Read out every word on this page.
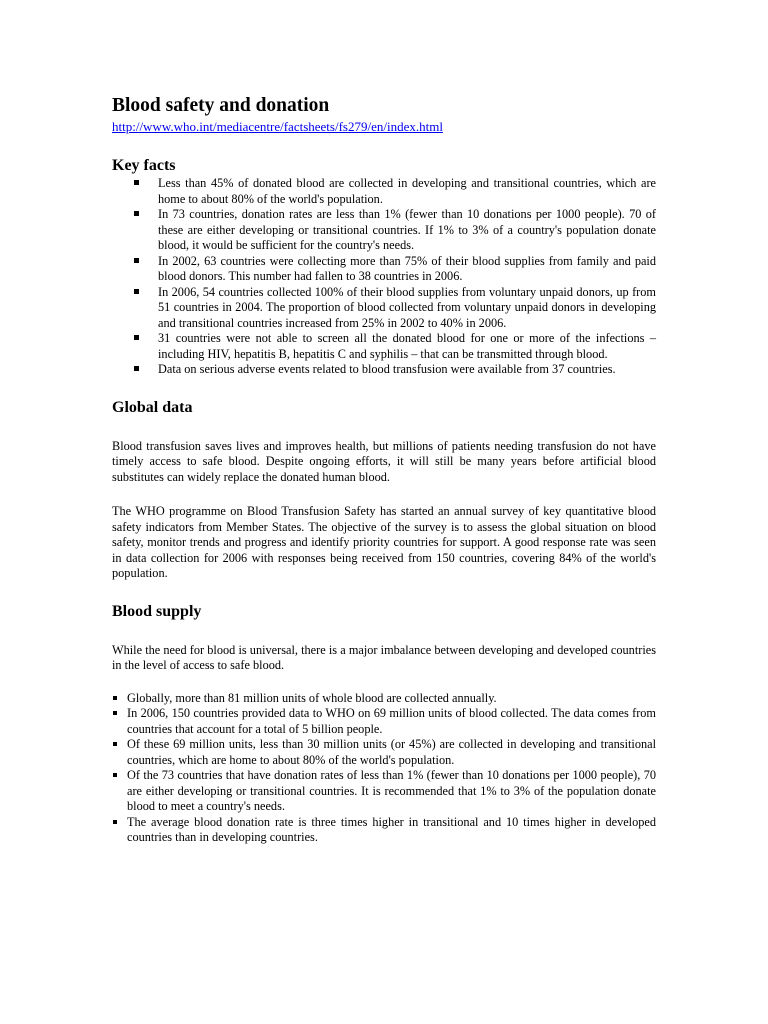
Blood safety and donation
http://www.who.int/mediacentre/factsheets/fs279/en/index.html
Key facts
Less than 45% of donated blood are collected in developing and transitional countries, which are home to about 80% of the world's population.
In 73 countries, donation rates are less than 1% (fewer than 10 donations per 1000 people). 70 of these are either developing or transitional countries. If 1% to 3% of a country's population donate blood, it would be sufficient for the country's needs.
In 2002, 63 countries were collecting more than 75% of their blood supplies from family and paid blood donors. This number had fallen to 38 countries in 2006.
In 2006, 54 countries collected 100% of their blood supplies from voluntary unpaid donors, up from 51 countries in 2004. The proportion of blood collected from voluntary unpaid donors in developing and transitional countries increased from 25% in 2002 to 40% in 2006.
31 countries were not able to screen all the donated blood for one or more of the infections – including HIV, hepatitis B, hepatitis C and syphilis – that can be transmitted through blood.
Data on serious adverse events related to blood transfusion were available from 37 countries.
Global data

Blood transfusion saves lives and improves health, but millions of patients needing transfusion do not have timely access to safe blood. Despite ongoing efforts, it will still be many years before artificial blood substitutes can widely replace the donated human blood.

The WHO programme on Blood Transfusion Safety has started an annual survey of key quantitative blood safety indicators from Member States. The objective of the survey is to assess the global situation on blood safety, monitor trends and progress and identify priority countries for support. A good response rate was seen in data collection for 2006 with responses being received from 150 countries, covering 84% of the world's population.

Blood supply

While the need for blood is universal, there is a major imbalance between developing and developed countries in the level of access to safe blood.

Globally, more than 81 million units of whole blood are collected annually.
In 2006, 150 countries provided data to WHO on 69 million units of blood collected. The data comes from countries that account for a total of 5 billion people.
Of these 69 million units, less than 30 million units (or 45%) are collected in developing and transitional countries, which are home to about 80% of the world's population.
Of the 73 countries that have donation rates of less than 1% (fewer than 10 donations per 1000 people), 70 are either developing or transitional countries. It is recommended that 1% to 3% of the population donate blood to meet a country's needs.
The average blood donation rate is three times higher in transitional and 10 times higher in developed countries than in developing countries.
